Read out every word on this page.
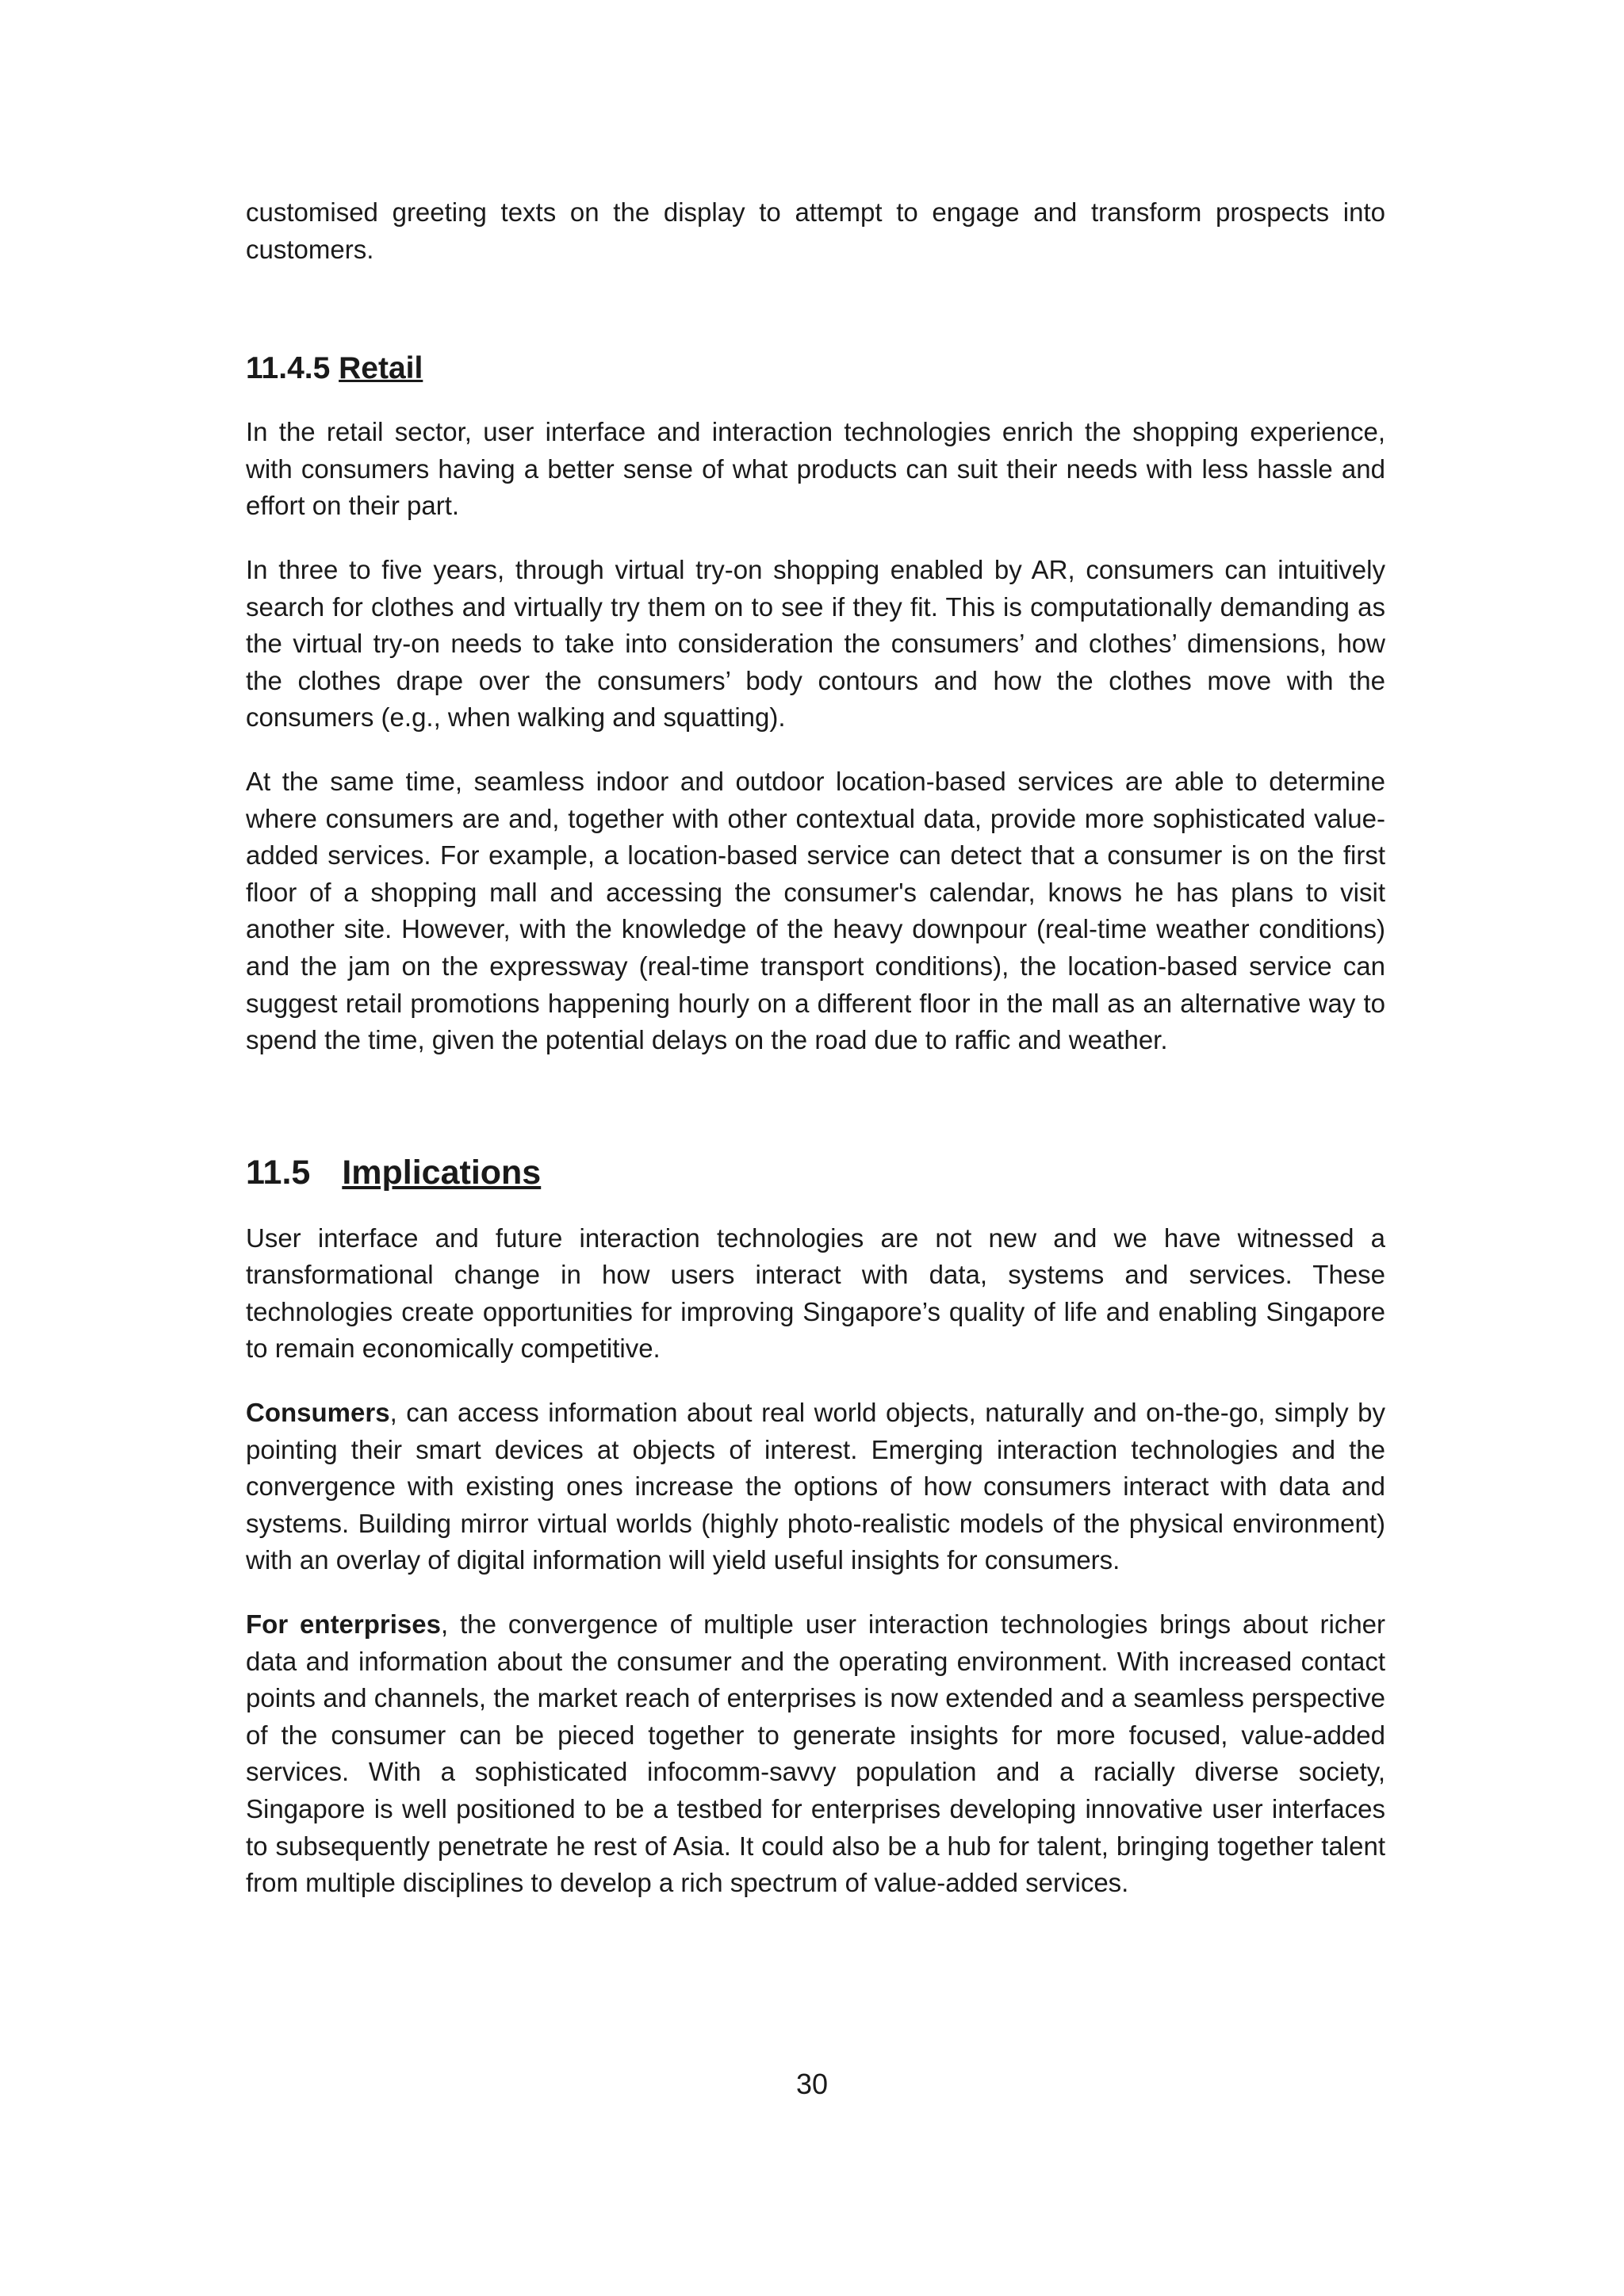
customised greeting texts on the display to attempt to engage and transform prospects into customers.

11.4.5 Retail

In the retail sector, user interface and interaction technologies enrich the shopping experience, with consumers having a better sense of what products can suit their needs with less hassle and effort on their part.

In three to five years, through virtual try-on shopping enabled by AR, consumers can intuitively search for clothes and virtually try them on to see if they fit. This is computationally demanding as the virtual try-on needs to take into consideration the consumers’ and clothes’ dimensions, how the clothes drape over the consumers’ body contours and how the clothes move with the consumers (e.g., when walking and squatting).

At the same time, seamless indoor and outdoor location-based services are able to determine where consumers are and, together with other contextual data, provide more sophisticated value-added services. For example, a location-based service can detect that a consumer is on the first floor of a shopping mall and accessing the consumer's calendar, knows he has plans to visit another site. However, with the knowledge of the heavy downpour (real-time weather conditions) and the jam on the expressway (real-time transport conditions), the location-based service can suggest retail promotions happening hourly on a different floor in the mall as an alternative way to spend the time, given the potential delays on the road due to raffic and weather.

11.5 Implications

User interface and future interaction technologies are not new and we have witnessed a transformational change in how users interact with data, systems and services. These technologies create opportunities for improving Singapore’s quality of life and enabling Singapore to remain economically competitive.

Consumers, can access information about real world objects, naturally and on-the-go, simply by pointing their smart devices at objects of interest. Emerging interaction technologies and the convergence with existing ones increase the options of how consumers interact with data and systems. Building mirror virtual worlds (highly photo-realistic models of the physical environment) with an overlay of digital information will yield useful insights for consumers.

For enterprises, the convergence of multiple user interaction technologies brings about richer data and information about the consumer and the operating environment. With increased contact points and channels, the market reach of enterprises is now extended and a seamless perspective of the consumer can be pieced together to generate insights for more focused, value-added services. With a sophisticated infocomm-savvy population and a racially diverse society, Singapore is well positioned to be a testbed for enterprises developing innovative user interfaces to subsequently penetrate he rest of Asia. It could also be a hub for talent, bringing together talent from multiple disciplines to develop a rich spectrum of value-added services.

30
